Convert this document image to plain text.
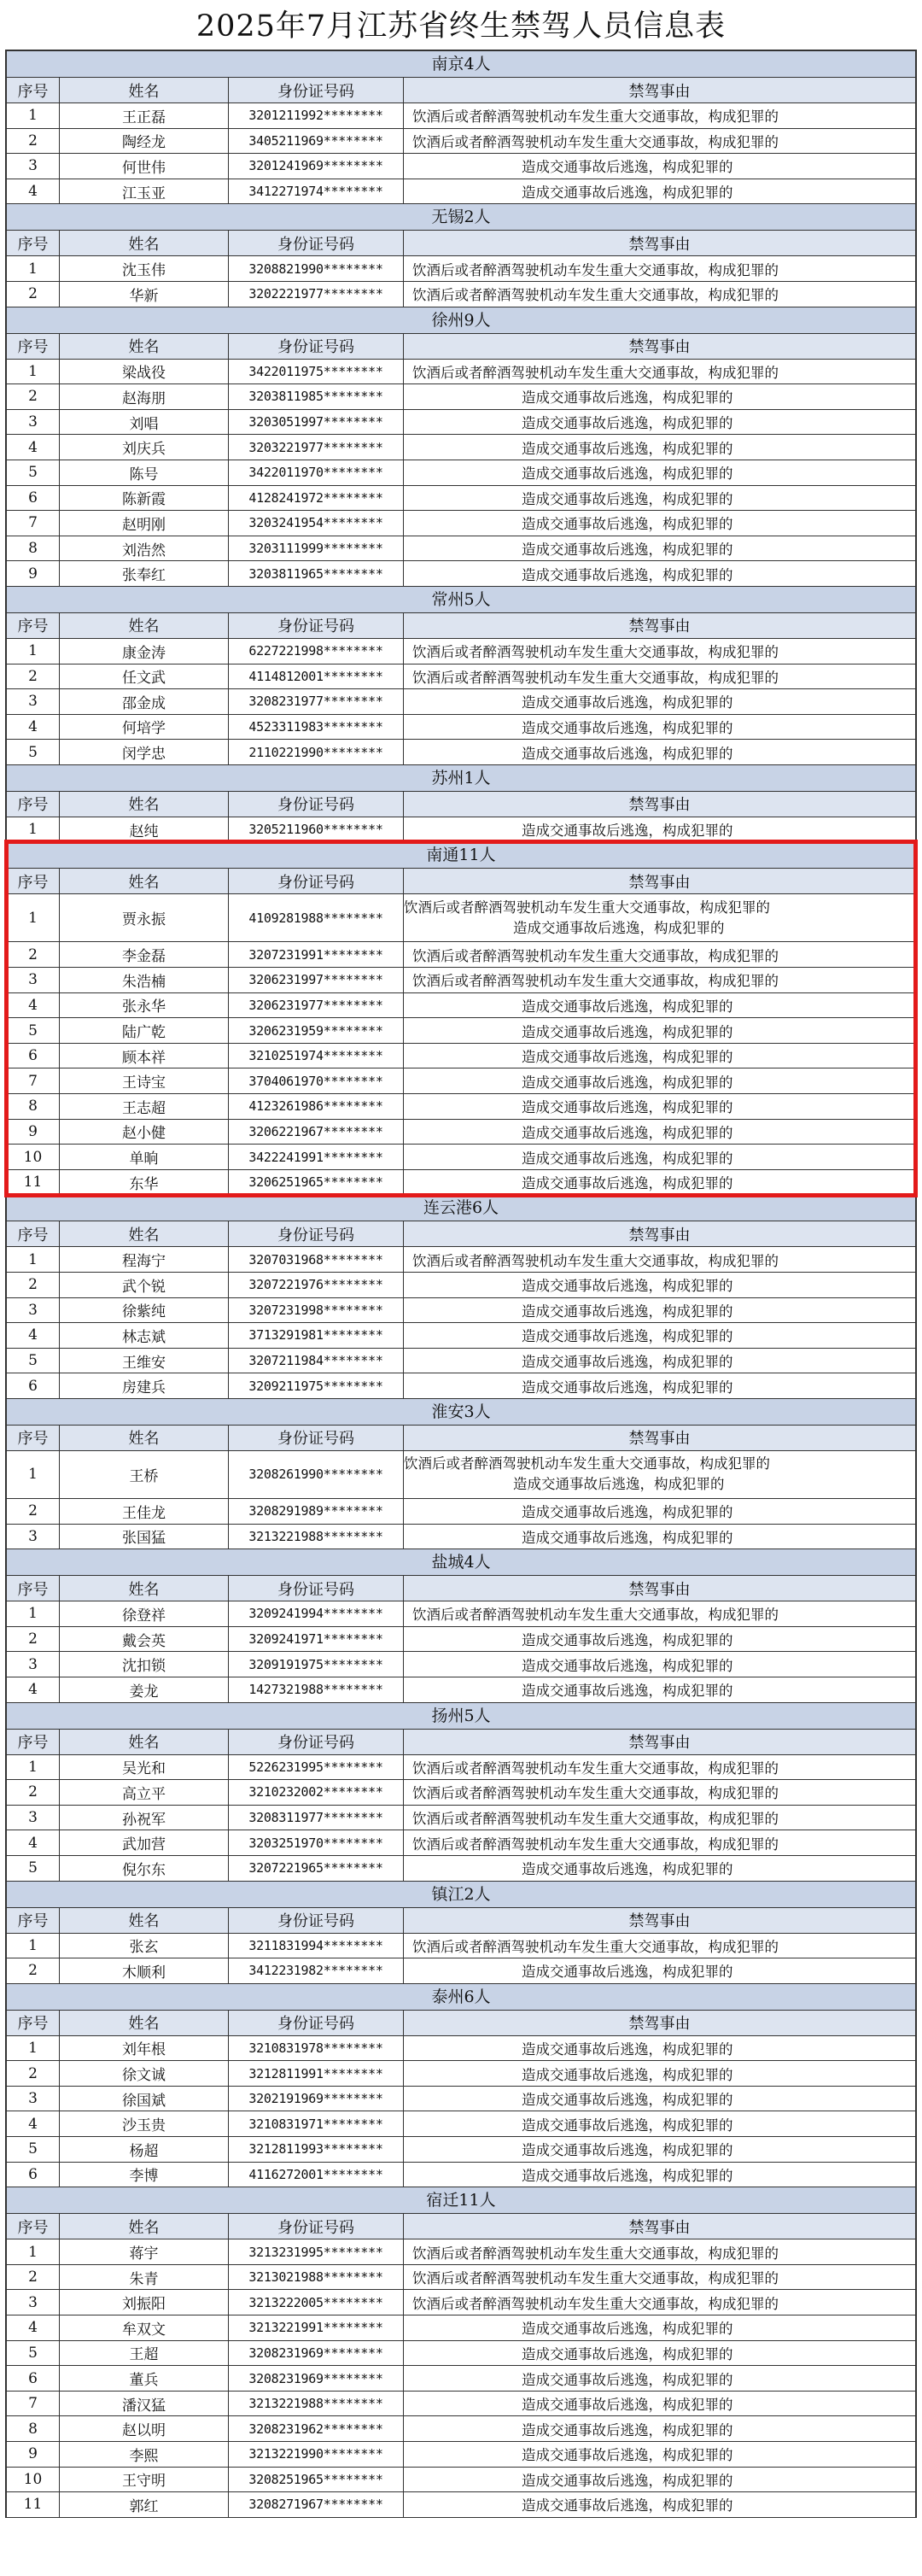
2025年7月江苏省终生禁驾人员信息表
南京4人
序号	姓名	身份证号码	禁驾事由
1	王正磊	3201211992********	饮酒后或者醉酒驾驶机动车发生重大交通事故，构成犯罪的
2	陶经龙	3405211969********	饮酒后或者醉酒驾驶机动车发生重大交通事故，构成犯罪的
3	何世伟	3201241969********	造成交通事故后逃逸，构成犯罪的
4	江玉亚	3412271974********	造成交通事故后逃逸，构成犯罪的
无锡2人
序号	姓名	身份证号码	禁驾事由
1	沈玉伟	3208821990********	饮酒后或者醉酒驾驶机动车发生重大交通事故，构成犯罪的
2	华新	3202221977********	饮酒后或者醉酒驾驶机动车发生重大交通事故，构成犯罪的
徐州9人
序号	姓名	身份证号码	禁驾事由
1	梁战役	3422011975********	饮酒后或者醉酒驾驶机动车发生重大交通事故，构成犯罪的
2	赵海朋	3203811985********	造成交通事故后逃逸，构成犯罪的
3	刘唱	3203051997********	造成交通事故后逃逸，构成犯罪的
4	刘庆兵	3203221977********	造成交通事故后逃逸，构成犯罪的
5	陈号	3422011970********	造成交通事故后逃逸，构成犯罪的
6	陈新霞	4128241972********	造成交通事故后逃逸，构成犯罪的
7	赵明刚	3203241954********	造成交通事故后逃逸，构成犯罪的
8	刘浩然	3203111999********	造成交通事故后逃逸，构成犯罪的
9	张奉红	3203811965********	造成交通事故后逃逸，构成犯罪的
常州5人
序号	姓名	身份证号码	禁驾事由
1	康金涛	6227221998********	饮酒后或者醉酒驾驶机动车发生重大交通事故，构成犯罪的
2	任文武	4114812001********	饮酒后或者醉酒驾驶机动车发生重大交通事故，构成犯罪的
3	邵金成	3208231977********	造成交通事故后逃逸，构成犯罪的
4	何培学	4523311983********	造成交通事故后逃逸，构成犯罪的
5	闵学忠	2110221990********	造成交通事故后逃逸，构成犯罪的
苏州1人
序号	姓名	身份证号码	禁驾事由
1	赵纯	3205211960********	造成交通事故后逃逸，构成犯罪的
南通11人
序号	姓名	身份证号码	禁驾事由
1	贾永振	4109281988********
饮酒后或者醉酒驾驶机动车发生重大交通事故，构成犯罪的
造成交通事故后逃逸，构成犯罪的
2	李金磊	3207231991********	饮酒后或者醉酒驾驶机动车发生重大交通事故，构成犯罪的
3	朱浩楠	3206231997********	饮酒后或者醉酒驾驶机动车发生重大交通事故，构成犯罪的
4	张永华	3206231977********	造成交通事故后逃逸，构成犯罪的
5	陆广乾	3206231959********	造成交通事故后逃逸，构成犯罪的
6	顾本祥	3210251974********	造成交通事故后逃逸，构成犯罪的
7	王诗宝	3704061970********	造成交通事故后逃逸，构成犯罪的
8	王志超	4123261986********	造成交通事故后逃逸，构成犯罪的
9	赵小健	3206221967********	造成交通事故后逃逸，构成犯罪的
10	单晌	3422241991********	造成交通事故后逃逸，构成犯罪的
11	东华	3206251965********	造成交通事故后逃逸，构成犯罪的
连云港6人
序号	姓名	身份证号码	禁驾事由
1	程海宁	3207031968********	饮酒后或者醉酒驾驶机动车发生重大交通事故，构成犯罪的
2	武个锐	3207221976********	造成交通事故后逃逸，构成犯罪的
3	徐紫纯	3207231998********	造成交通事故后逃逸，构成犯罪的
4	林志斌	3713291981********	造成交通事故后逃逸，构成犯罪的
5	王维安	3207211984********	造成交通事故后逃逸，构成犯罪的
6	房建兵	3209211975********	造成交通事故后逃逸，构成犯罪的
淮安3人
序号	姓名	身份证号码	禁驾事由
1	王桥	3208261990********
饮酒后或者醉酒驾驶机动车发生重大交通事故，构成犯罪的
造成交通事故后逃逸，构成犯罪的
2	王佳龙	3208291989********	造成交通事故后逃逸，构成犯罪的
3	张国猛	3213221988********	造成交通事故后逃逸，构成犯罪的
盐城4人
序号	姓名	身份证号码	禁驾事由
1	徐登祥	3209241994********	饮酒后或者醉酒驾驶机动车发生重大交通事故，构成犯罪的
2	戴会英	3209241971********	造成交通事故后逃逸，构成犯罪的
3	沈扣锁	3209191975********	造成交通事故后逃逸，构成犯罪的
4	姜龙	1427321988********	造成交通事故后逃逸，构成犯罪的
扬州5人
序号	姓名	身份证号码	禁驾事由
1	吴光和	5226231995********	饮酒后或者醉酒驾驶机动车发生重大交通事故，构成犯罪的
2	高立平	3210232002********	饮酒后或者醉酒驾驶机动车发生重大交通事故，构成犯罪的
3	孙祝军	3208311977********	饮酒后或者醉酒驾驶机动车发生重大交通事故，构成犯罪的
4	武加营	3203251970********	饮酒后或者醉酒驾驶机动车发生重大交通事故，构成犯罪的
5	倪尔东	3207221965********	造成交通事故后逃逸，构成犯罪的
镇江2人
序号	姓名	身份证号码	禁驾事由
1	张玄	3211831994********	饮酒后或者醉酒驾驶机动车发生重大交通事故，构成犯罪的
2	木顺利	3412231982********	造成交通事故后逃逸，构成犯罪的
泰州6人
序号	姓名	身份证号码	禁驾事由
1	刘年根	3210831978********	造成交通事故后逃逸，构成犯罪的
2	徐文诚	3212811991********	造成交通事故后逃逸，构成犯罪的
3	徐国斌	3202191969********	造成交通事故后逃逸，构成犯罪的
4	沙玉贵	3210831971********	造成交通事故后逃逸，构成犯罪的
5	杨超	3212811993********	造成交通事故后逃逸，构成犯罪的
6	李博	4116272001********	造成交通事故后逃逸，构成犯罪的
宿迁11人
序号	姓名	身份证号码	禁驾事由
1	蒋宇	3213231995********	饮酒后或者醉酒驾驶机动车发生重大交通事故，构成犯罪的
2	朱青	3213021988********	饮酒后或者醉酒驾驶机动车发生重大交通事故，构成犯罪的
3	刘振阳	3213222005********	饮酒后或者醉酒驾驶机动车发生重大交通事故，构成犯罪的
4	牟双文	3213221991********	造成交通事故后逃逸，构成犯罪的
5	王超	3208231969********	造成交通事故后逃逸，构成犯罪的
6	董兵	3208231969********	造成交通事故后逃逸，构成犯罪的
7	潘汉猛	3213221988********	造成交通事故后逃逸，构成犯罪的
8	赵以明	3208231962********	造成交通事故后逃逸，构成犯罪的
9	李熙	3213221990********	造成交通事故后逃逸，构成犯罪的
10	王守明	3208251965********	造成交通事故后逃逸，构成犯罪的
11	郭红	3208271967********	造成交通事故后逃逸，构成犯罪的
